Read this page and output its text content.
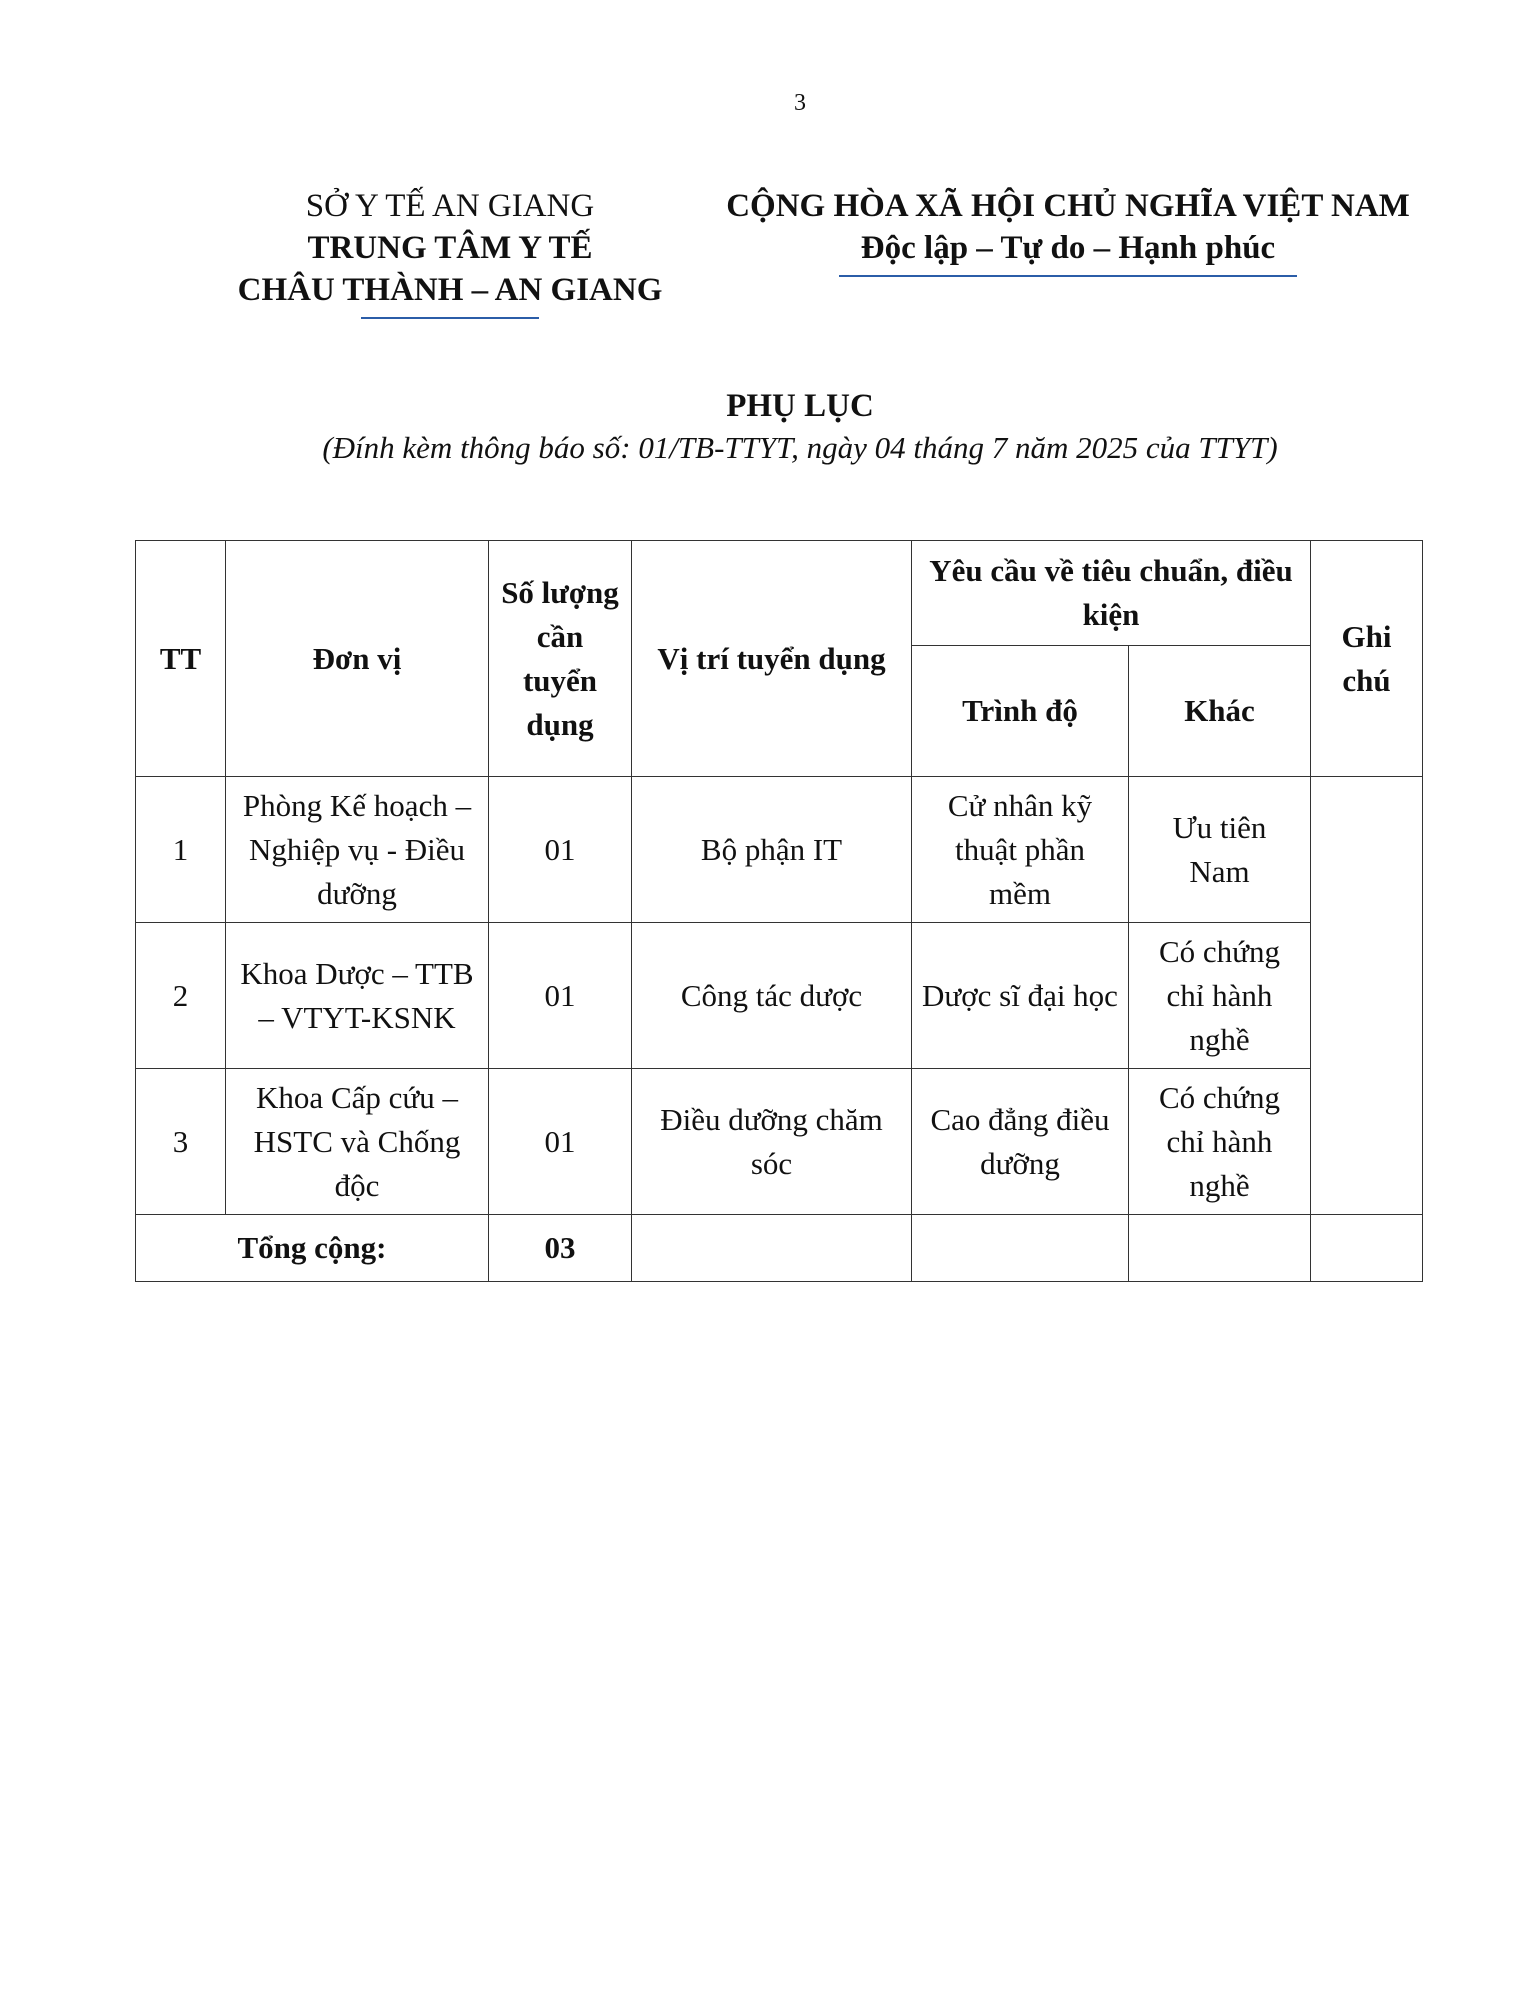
3
SỞ Y TẾ AN GIANG
TRUNG TÂM Y TẾ
CHÂU THÀNH – AN GIANG
CỘNG HÒA XÃ HỘI CHỦ NGHĨA VIỆT NAM
Độc lập – Tự do – Hạnh phúc
PHỤ LỤC
(Đính kèm thông báo số: 01/TB-TTYT, ngày 04 tháng 7 năm 2025 của TTYT)
TT	Đơn vị	Số lượng cần tuyển dụng	Vị trí tuyển dụng	Yêu cầu về tiêu chuẩn, điều kiện		Ghi chú
				Trình độ	Khác	
1	Phòng Kế hoạch – Nghiệp vụ - Điều dưỡng	01	Bộ phận IT	Cử nhân kỹ thuật phần mềm	Ưu tiên Nam	
2	Khoa Dược – TTB – VTYT-KSNK	01	Công tác dược	Dược sĩ đại học	Có chứng chỉ hành nghề	
3	Khoa Cấp cứu – HSTC và Chống độc	01	Điều dưỡng chăm sóc	Cao đẳng điều dưỡng	Có chứng chỉ hành nghề	
Tổng cộng:		03				
